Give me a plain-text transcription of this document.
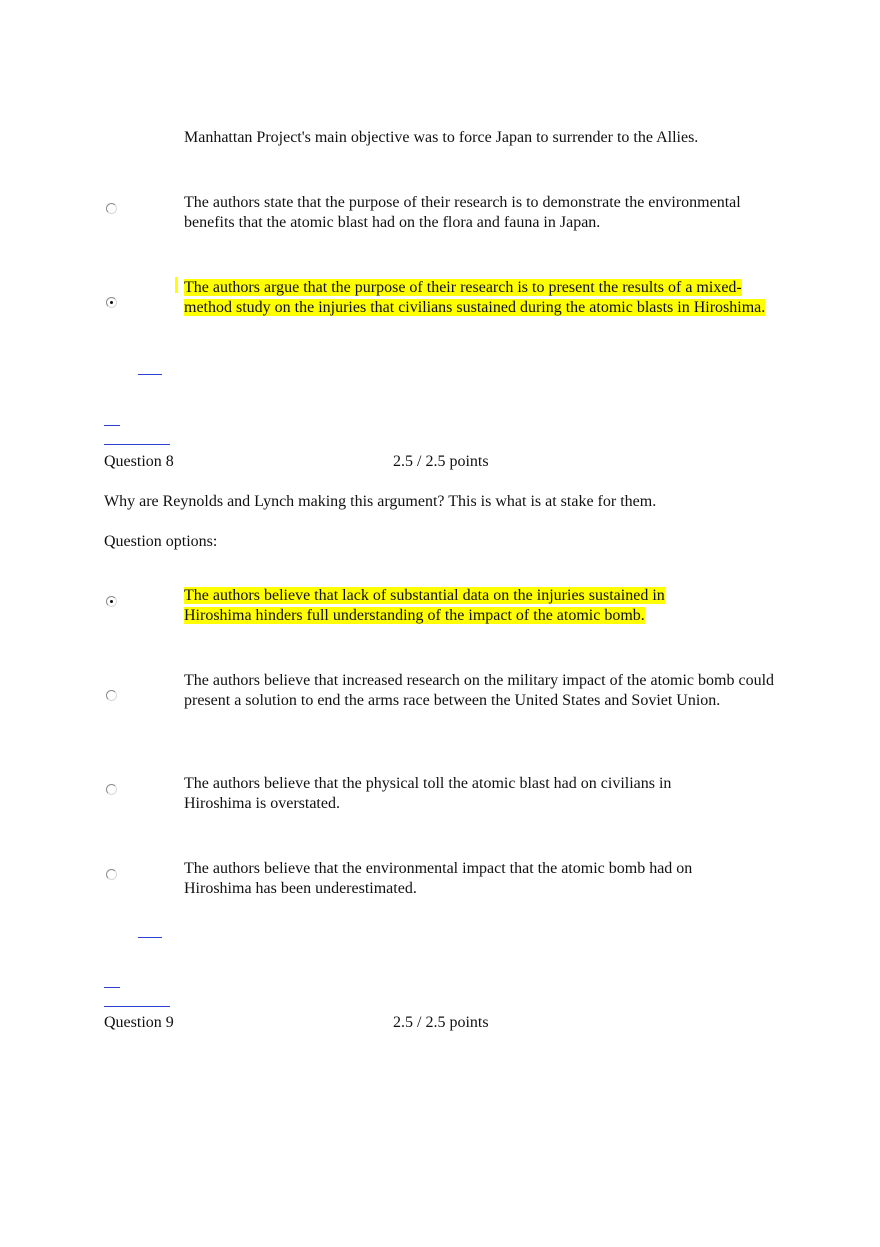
Manhattan Project's main objective was to force Japan to surrender to the Allies.
The authors state that the purpose of their research is to demonstrate the environmental benefits that the atomic blast had on the flora and fauna in Japan.
The authors argue that the purpose of their research is to present the results of a mixed-method study on the injuries that civilians sustained during the atomic blasts in Hiroshima.
Question 8	2.5 / 2.5 points
Why are Reynolds and Lynch making this argument? This is what is at stake for them.
Question options:
The authors believe that lack of substantial data on the injuries sustained in Hiroshima hinders full understanding of the impact of the atomic bomb.
The authors believe that increased research on the military impact of the atomic bomb could present a solution to end the arms race between the United States and Soviet Union.
The authors believe that the physical toll the atomic blast had on civilians in Hiroshima is overstated.
The authors believe that the environmental impact that the atomic bomb had on Hiroshima has been underestimated.
Question 9	2.5 / 2.5 points
